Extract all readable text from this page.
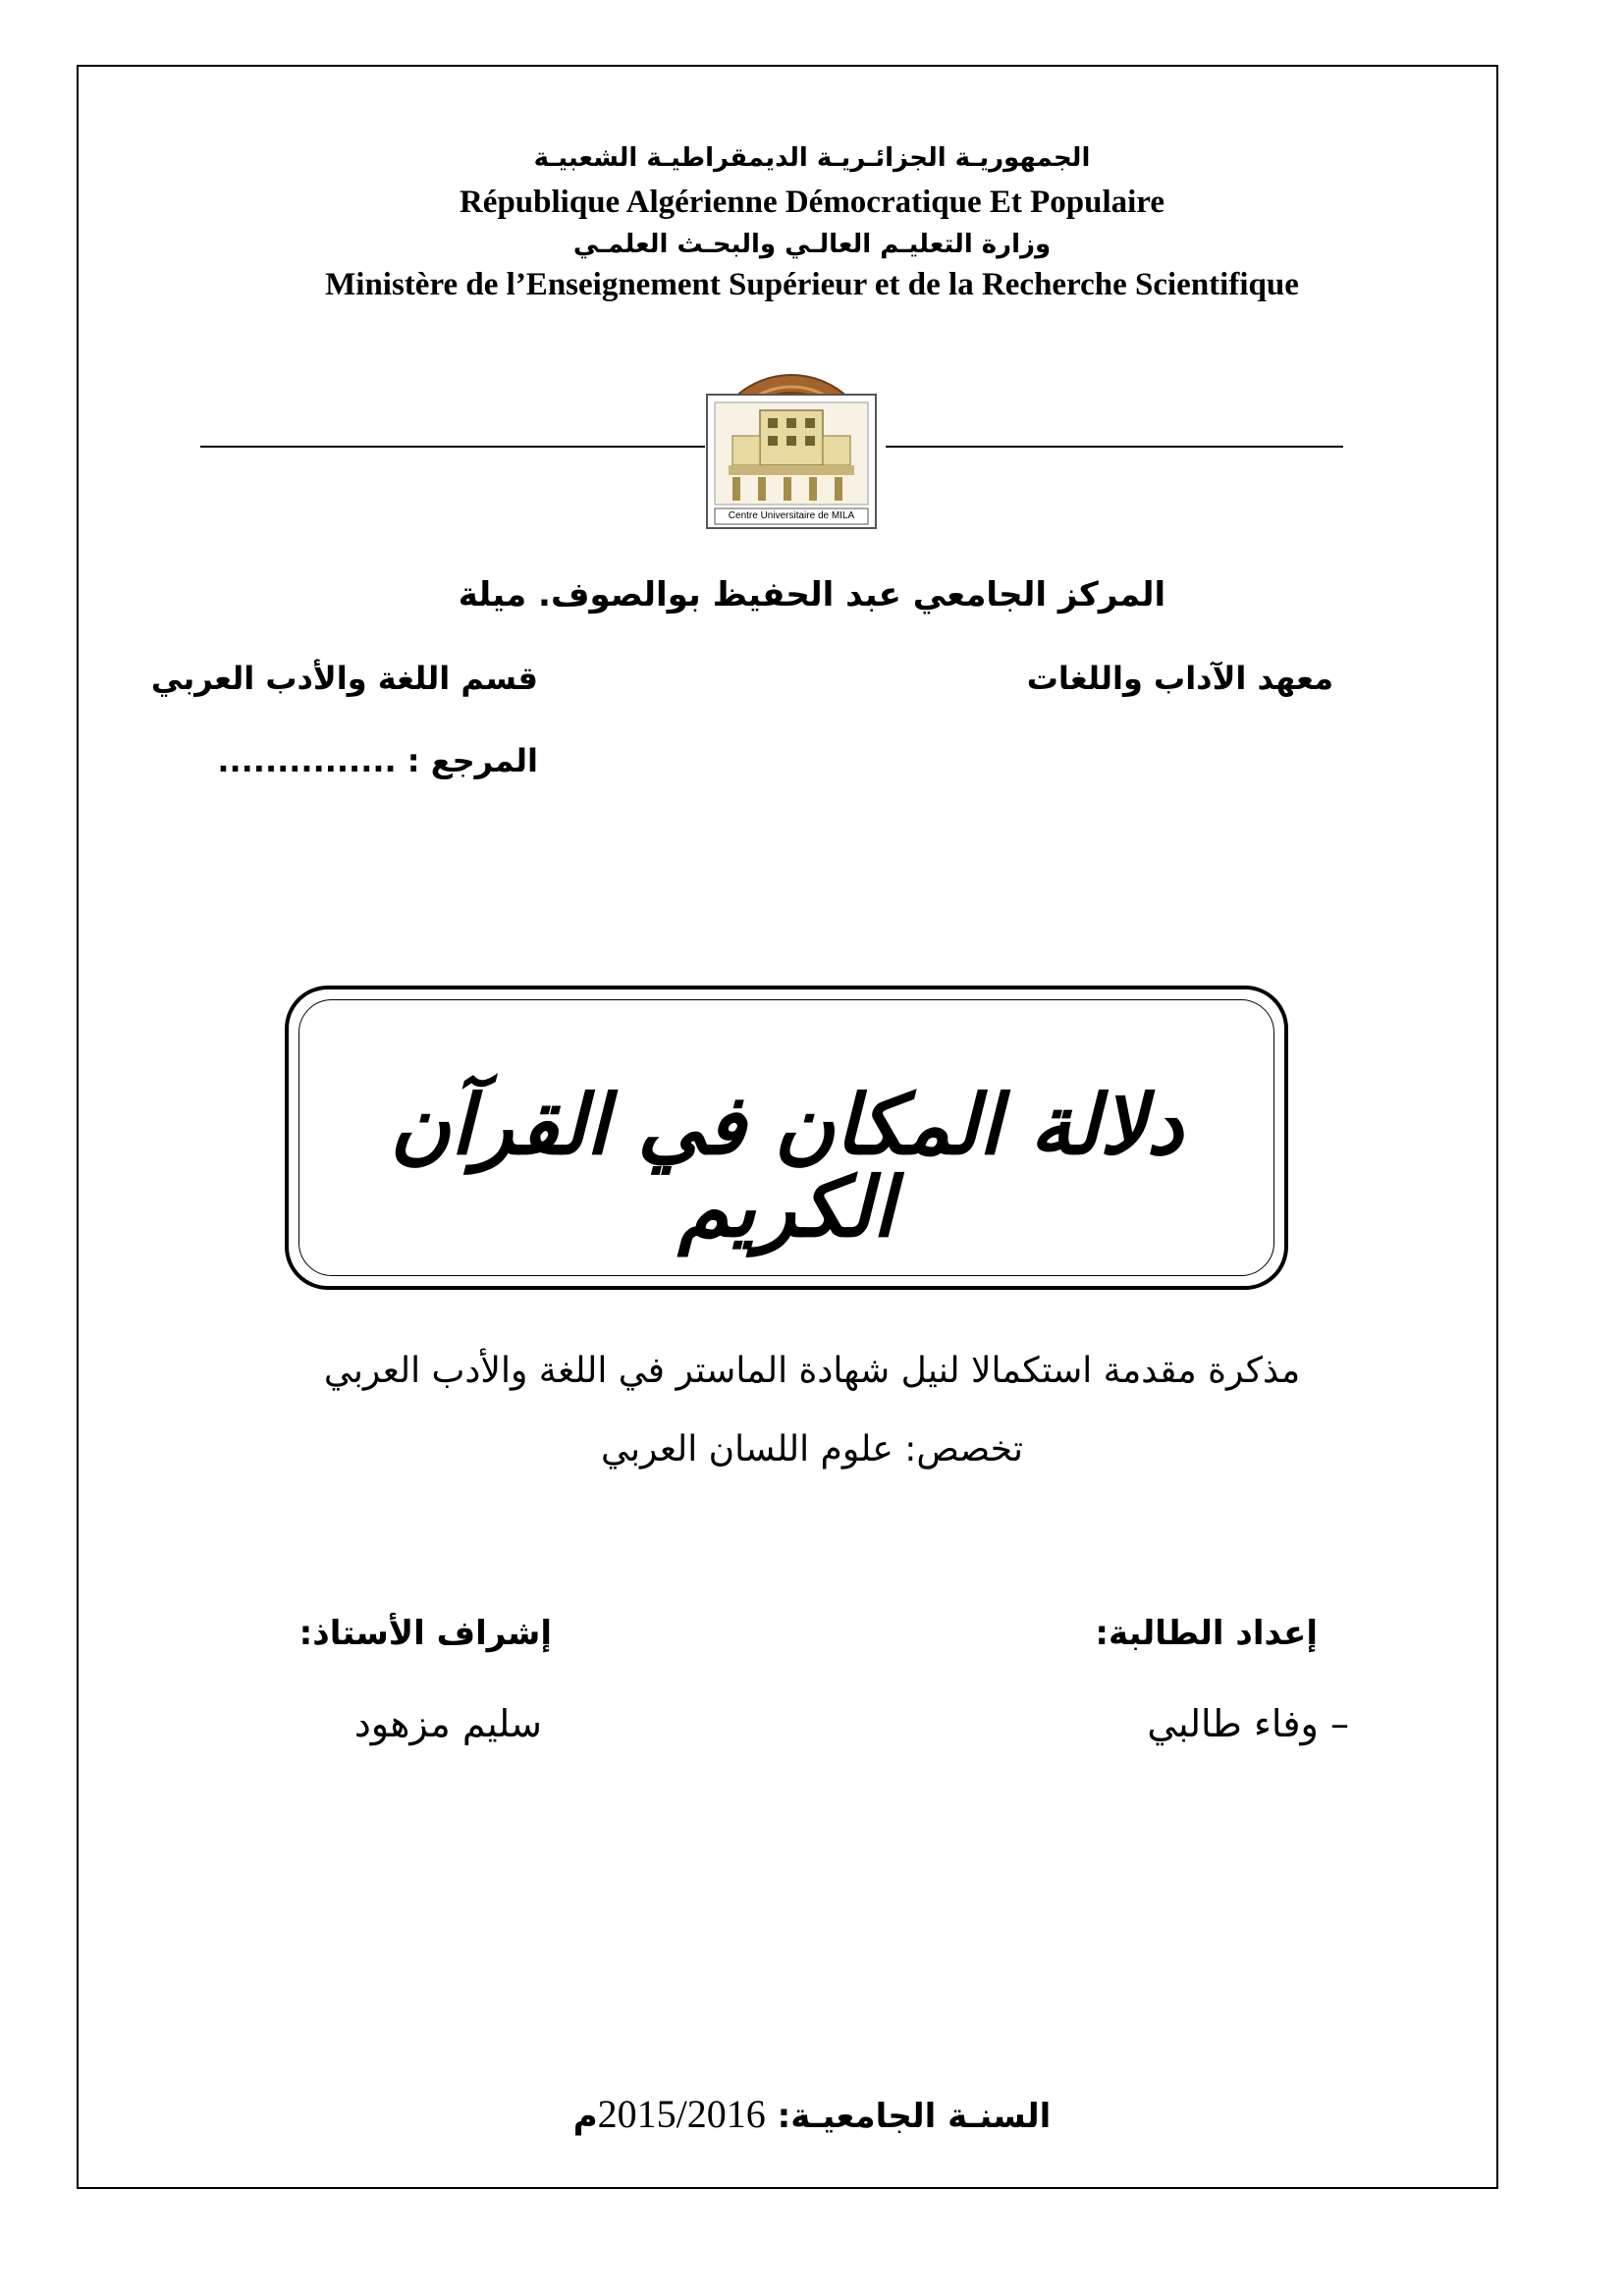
الجمهوريـة الجزائـريـة الديمقراطيـة الشعبيـة
République Algérienne Démocratique Et Populaire
وزارة التعليـم العالـي والبحـث العلمـي
Ministère de l’Enseignement Supérieur et de la Recherche Scientifique
Centre Universitaire de MILA
المركز الجامعي عبد الحفيظ بوالصوف. ميلة
معهد الآداب واللغات
قسم اللغة والأدب العربي
المرجع : ...............
دلالة المكان في القرآن الكريم
مذكرة مقدمة استكمالا لنيل شهادة الماستر في اللغة والأدب العربي
تخصص: علوم اللسان العربي
إعداد الطالبة:
إشراف الأستاذ:
– وفاء طالبي
سليم مزهود
السنـة الجامعيـة: 2015/2016م
